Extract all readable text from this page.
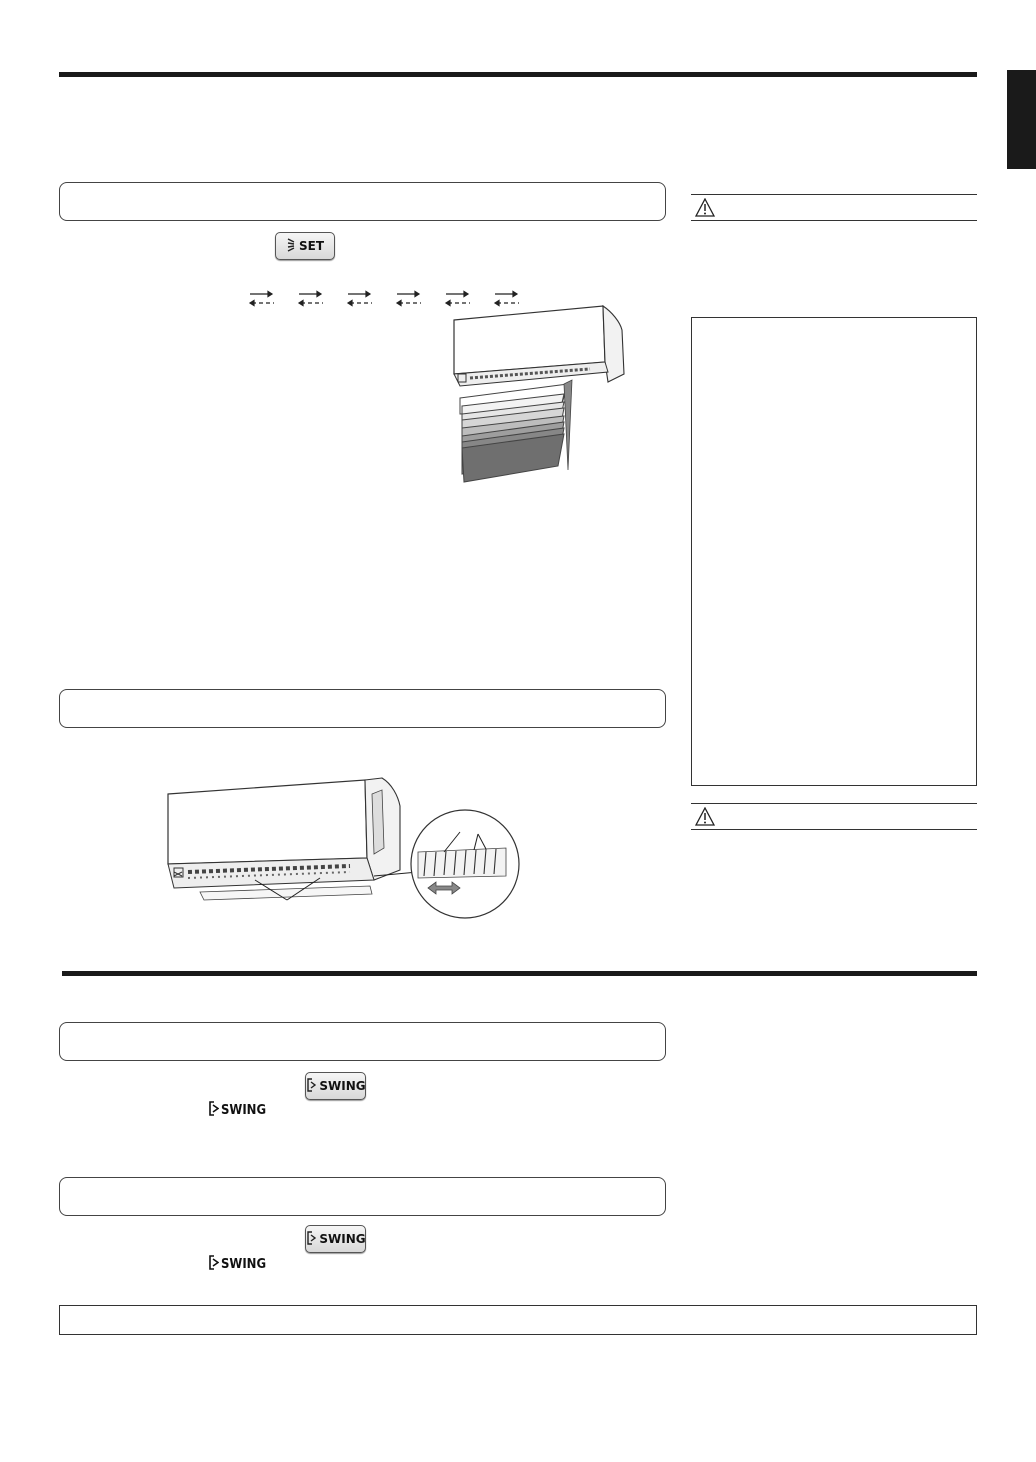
SET
SWING
SWING
SWING
SWING
